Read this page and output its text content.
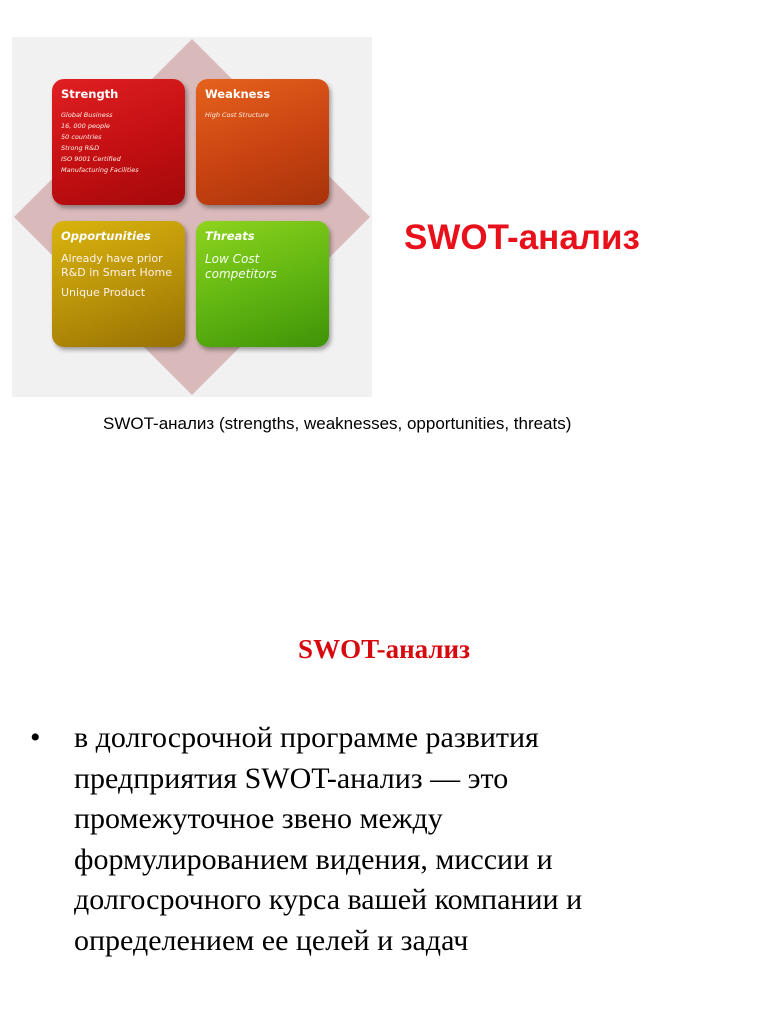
Strength
Global Business
16, 000 people
50 countries
Strong R&D
ISO 9001 Certified
Manufacturing Facilities
Weakness
High Cost Structure
Opportunities
Already have prior
R&D in Smart Home
Unique Product
Threats
Low Cost
competitors
SWOT-анализ
SWOT-анализ (strengths, weaknesses, opportunities, threats)
SWOT-анализ
• в долгосрочной программе развития
предприятия SWOT-анализ — это
промежуточное звено между
формулированием видения, миссии и
долгосрочного курса вашей компании и
определением ее целей и задач
